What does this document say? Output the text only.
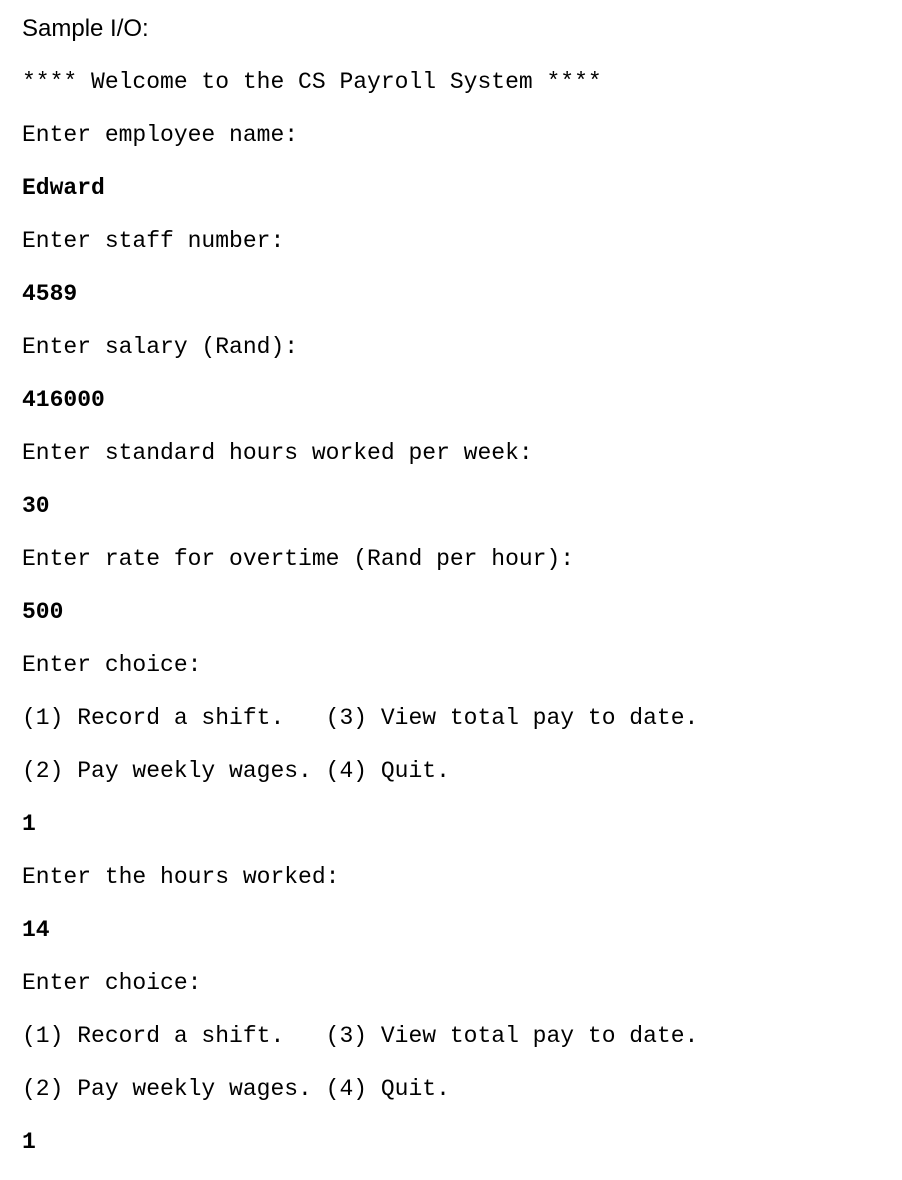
Sample I/O:
**** Welcome to the CS Payroll System ****
Enter employee name:
Edward
Enter staff number:
4589
Enter salary (Rand):
416000
Enter standard hours worked per week:
30
Enter rate for overtime (Rand per hour):
500
Enter choice:
(1) Record a shift.   (3) View total pay to date.
(2) Pay weekly wages. (4) Quit.
1
Enter the hours worked:
14
Enter choice:
(1) Record a shift.   (3) View total pay to date.
(2) Pay weekly wages. (4) Quit.
1
